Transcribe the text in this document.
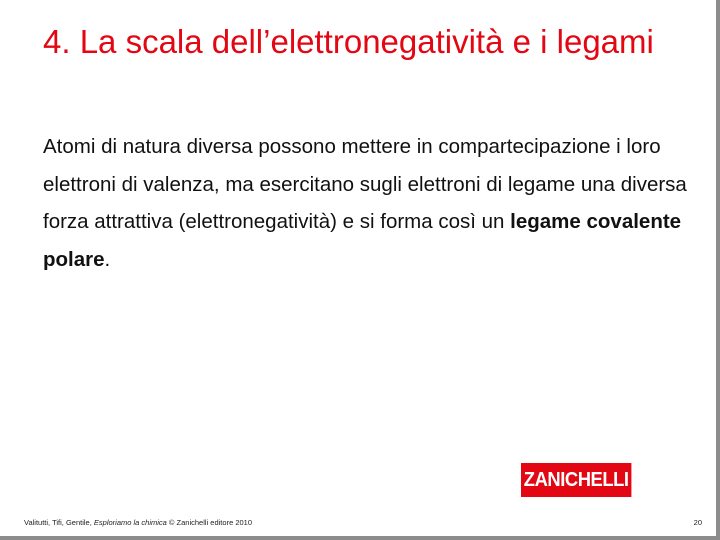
4. La scala dell’elettronegatività e i legami

Atomi di natura diversa possono mettere in compartecipazione i loro elettroni di valenza, ma esercitano sugli elettroni di legame una diversa forza attrattiva (elettronegatività) e si forma così un legame covalente polare.

ZANICHELLI
Valitutti, Tifi, Gentile, Esploriamo la chimica © Zanichelli editore 2010	20
